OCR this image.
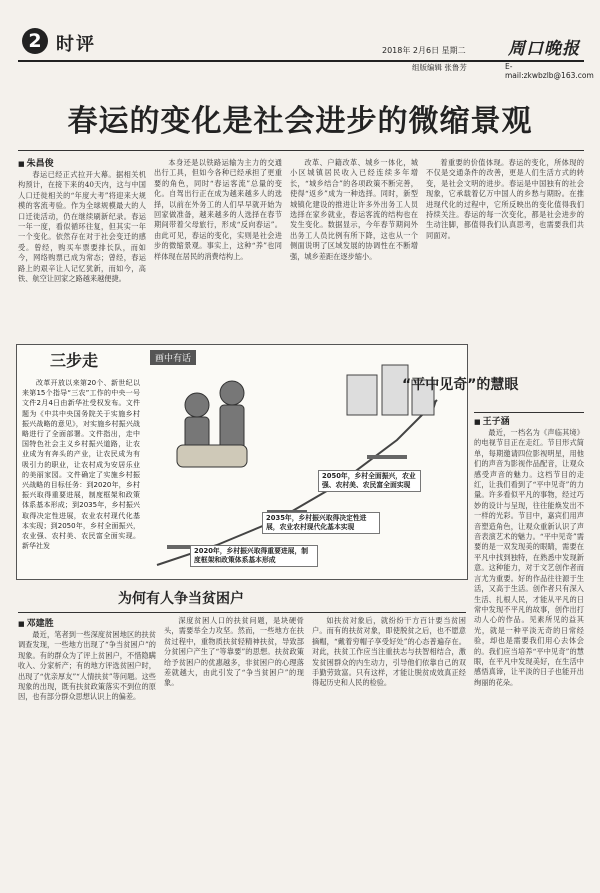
2 时评	2018年 2月6日 星期二 周口晚报
组版编辑 张鲁芳	E-mail:zkwbzlb@163.com
春运的变化是社会进步的微缩景观
■ 朱昌俊

春运已经正式拉开大幕。据相关机构预计，在接下来的40天内，这与中国人口迁徙相关的“年度大考”将迎来大规模的客流考验。作为全球规模最大的人口迁徙活动，仍在继续刷新纪录。春运一年一度，看似循环往复，但其实一年一个变化。依然存在对于社会变迁的感受。曾经，购买车票要排长队，而如今，网络购票已成为常态；曾经，春运路上的艰辛让人记忆犹新，而如今，高铁、航空让回家之路越来越便捷。

本身还是以铁路运输为主力的交通出行工具，但如今各种已经承担了更重要的角色，同时“春运客流”总量的变化。自驾出行正在成为越来越多人的选择，以前在外务工的人们早早就开始为回家做准备，越来越多的人选择在春节期间带着父母旅行，形成“反向春运”。由此可见，春运的变化，实则是社会进步的微缩景观。事实上，这种“养”也同样体现在居民的消费结构上。

改革、户籍改革、城乡一体化，城小区城镇居民收入已经连续多年增长，“城乡结合”的各项政策不断完善，使得“返乡”成为一种选择。同时，新型城镇化建设的推进让许多外出务工人员选择在家乡就业，春运客流的结构也在发生变化。数据显示，今年春节期间外出务工人员比例有所下降，这也从一个侧面说明了区域发展的协调性在不断增强，城乡差距在逐步缩小。

着重要的价值体现。春运的变化，所体现的不仅是交通条件的改善，更是人们生活方式的转变，是社会文明的进步。春运是中国独有的社会现象，它承载着亿万中国人的乡愁与期盼。在推进现代化的过程中，它所反映出的变化值得我们持续关注。春运的每一次变化，都是社会进步的生动注脚，都值得我们认真思考，也需要我们共同面对。

三步走	画中有话

改革开放以来第20个、新世纪以来第15个指导“三农”工作的中央一号文件2月4日由新华社受权发布。文件题为《中共中央国务院关于实施乡村振兴战略的意见》，对实施乡村振兴战略进行了全面部署。文件指出，走中国特色社会主义乡村振兴道路，让农业成为有奔头的产业，让农民成为有吸引力的职业，让农村成为安居乐业的美丽家园。文件确定了实施乡村振兴战略的目标任务：到2020年，乡村振兴取得重要进展，制度框架和政策体系基本形成；到2035年，乡村振兴取得决定性进展，农业农村现代化基本实现；到2050年，乡村全面振兴，农业强、农村美、农民富全面实现。 新华社发

2050年，乡村全面振兴，农业强、农村美、农民富全面实现
2035年，乡村振兴取得决定性进展，农业农村现代化基本实现
2020年，乡村振兴取得重要进展，制度框架和政策体系基本形成
“平中见奇”的慧眼
■ 王子涵

最近，一档名为《声临其境》的电视节目正在走红。节目形式简单，每期邀请四位影视明星，用他们的声音为影视作品配音，让观众感受声音的魅力。这档节目的走红，让我们看到了“平中见奇”的力量。许多看似平凡的事物，经过巧妙的设计与呈现，往往能焕发出不一样的光彩。节目中，嘉宾们用声音塑造角色，让观众重新认识了声音表演艺术的魅力。“平中见奇”需要的是一双发现美的眼睛，需要在平凡中找到独特，在熟悉中发现新意。这种能力，对于文艺创作者而言尤为重要。好的作品往往源于生活，又高于生活。创作者只有深入生活、扎根人民，才能从平凡的日常中发现不平凡的故事，创作出打动人心的作品。见素所见的益其光，就是一种平淡无奇的日常经验，却也是需要我们用心去体会的。我们应当培养“平中见奇”的慧眼，在平凡中发现美好，在生活中感悟真谛，让平淡的日子也能开出绚丽的花朵。

为何有人争当贫困户
■ 邓建胜

最近，笔者到一些深度贫困地区的扶贫调查发现，一些地方出现了“争当贫困户”的现象。有的群众为了评上贫困户，不惜隐瞒收入、分家析产；有的地方评选贫困户时，出现了“优亲厚友”“人情扶贫”等问题。这些现象的出现，既有扶贫政策落实不到位的原因，也有部分群众思想认识上的偏差。

深度贫困人口的扶贫问题，是块硬骨头，需要举全力攻坚。然而，一些地方在扶贫过程中，重物质扶贫轻精神扶贫，导致部分贫困户产生了“等靠要”的思想。扶贫政策给予贫困户的优惠越多，非贫困户的心理落差就越大，由此引发了“争当贫困户”的现象。

如扶贫对象后，就纷纷干方百计要当贫困户。而有的扶贫对象，即使脱贫之后，也不愿意摘帽，“戴着穷帽子享受好处”的心态普遍存在。对此，扶贫工作应当注重扶志与扶智相结合，激发贫困群众的内生动力，引导他们依靠自己的双手勤劳致富。只有这样，才能让脱贫成效真正经得起历史和人民的检验。
